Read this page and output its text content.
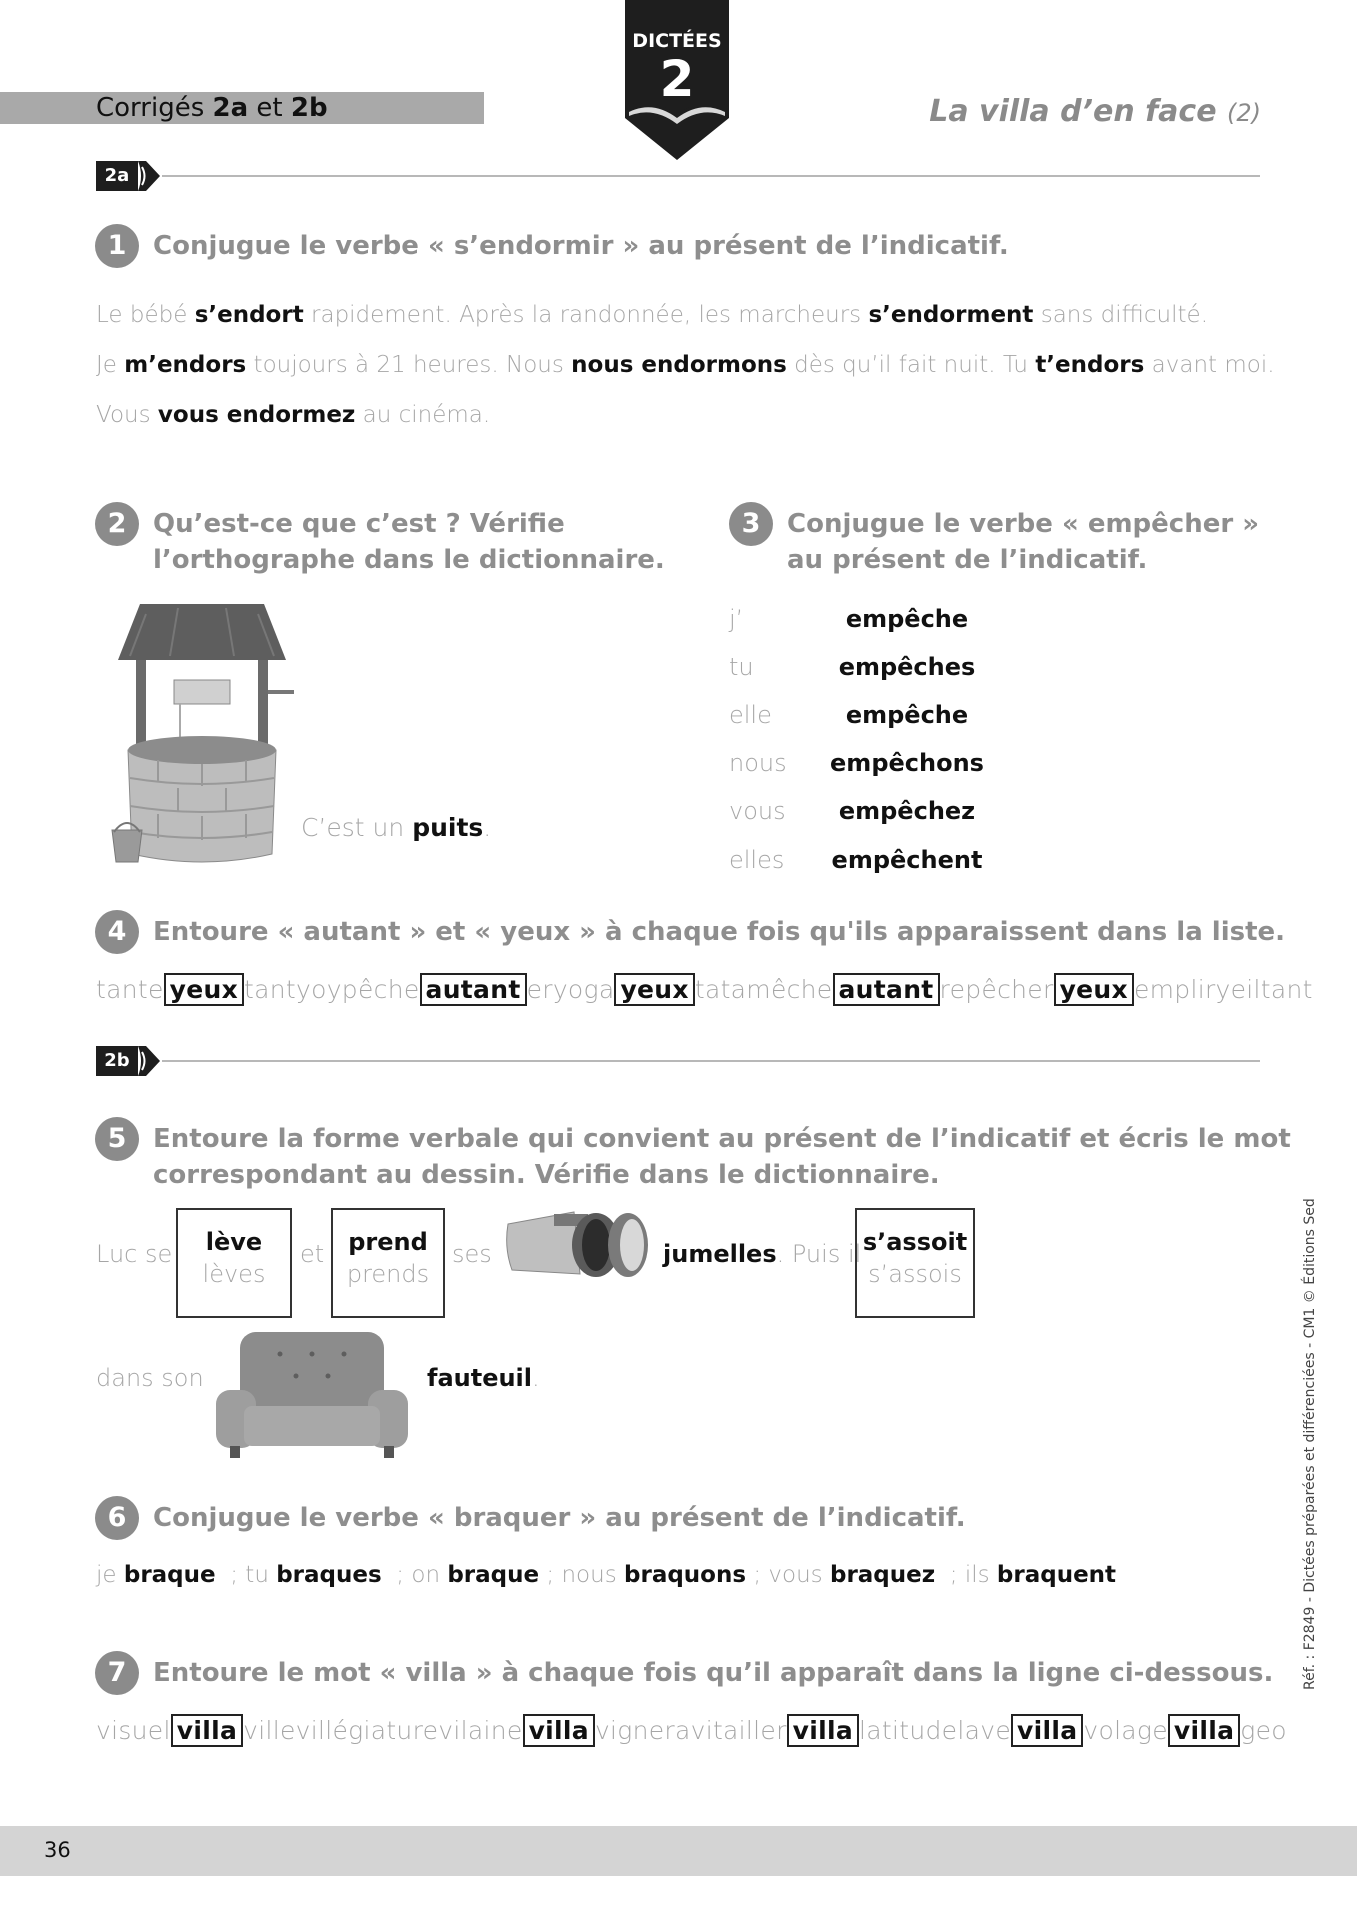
Corrigés 2a et 2b
DICTÉES
2
La villa d’en face (2)
2a
1	Conjugue le verbe « s’endormir » au présent de l’indicatif.
Le bébé s’endort rapidement. Après la randonnée, les marcheurs s’endorment sans difficulté.
Je m’endors toujours à 21 heures. Nous nous endormons dès qu’il fait nuit. Tu t’endors avant moi.
Vous vous endormez au cinéma.
2	Qu’est-ce que c’est ? Vérifie
l’orthographe dans le dictionnaire.
C’est un puits.
3	Conjugue le verbe « empêcher »
au présent de l’indicatif.
j’	empêche
tu	empêches
elle	empêche
nous empêchons
vous	empêchez
elles empêchent
4	Entoure « autant » et « yeux » à chaque fois qu'ils apparaissent dans la liste.
tante yeux tantyoypêche autant eryoga yeux tatamêche autant repêcher yeux empliryeiltant
2b
5	Entoure la forme verbale qui convient au présent de l’indicatif et écris le mot
correspondant au dessin. Vérifie dans le dictionnaire.
Luc se	lève
lèves
et	prend
prends
ses	jumelles. Puis il s’assoit
s’assois
dans son	fauteuil.
6	Conjugue le verbe « braquer » au présent de l’indicatif.
je braque  ; tu braques  ; on braque ; nous braquons ; vous braquez  ; ils braquent
7	Entoure le mot « villa » à chaque fois qu’il apparaît dans la ligne ci-dessous.
visuel villa villevillégiaturevilaine villa vigneravitailler villa latitudelave villa volage villa geo
Réf. : F2849 - Dictées préparées et différenciées - CM1 © Éditions Sed
36
